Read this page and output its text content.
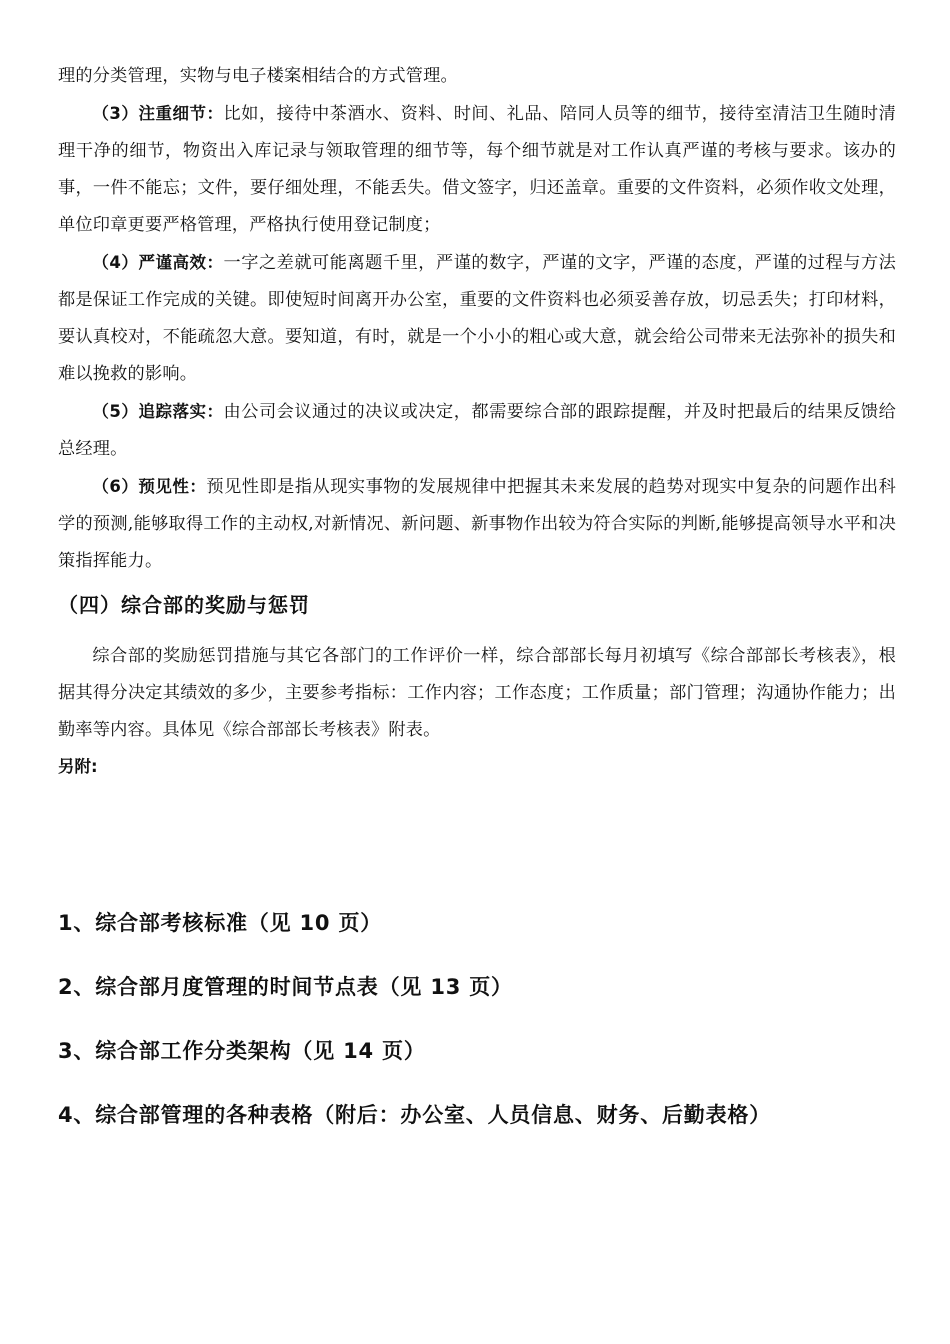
理的分类管理，实物与电子楼案相结合的方式管理。

（3）注重细节：比如，接待中茶酒水、资料、时间、礼品、陪同人员等的细节，接待室清洁卫生随时清理干净的细节，物资出入库记录与领取管理的细节等，每个细节就是对工作认真严谨的考核与要求。该办的事，一件不能忘；文件，要仔细处理，不能丢失。借文签字，归还盖章。重要的文件资料，必须作收文处理，单位印章更要严格管理，严格执行使用登记制度；

（4）严谨高效：一字之差就可能离题千里，严谨的数字，严谨的文字，严谨的态度，严谨的过程与方法都是保证工作完成的关键。即使短时间离开办公室，重要的文件资料也必须妥善存放，切忌丢失；打印材料，要认真校对，不能疏忽大意。要知道，有时，就是一个小小的粗心或大意，就会给公司带来无法弥补的损失和难以挽救的影响。

（5）追踪落实：由公司会议通过的决议或决定，都需要综合部的跟踪提醒，并及时把最后的结果反馈给总经理。

（6）预见性：预见性即是指从现实事物的发展规律中把握其未来发展的趋势对现实中复杂的问题作出科学的预测,能够取得工作的主动权,对新情况、新问题、新事物作出较为符合实际的判断,能够提高领导水平和决策指挥能力。

（四）综合部的奖励与惩罚

综合部的奖励惩罚措施与其它各部门的工作评价一样，综合部部长每月初填写《综合部部长考核表》，根据其得分决定其绩效的多少，主要参考指标：工作内容；工作态度；工作质量；部门管理；沟通协作能力；出勤率等内容。具体见《综合部部长考核表》附表。

另附:

1、综合部考核标准（见 10 页）

2、综合部月度管理的时间节点表（见 13 页）

3、综合部工作分类架构（见 14 页）

4、综合部管理的各种表格（附后：办公室、人员信息、财务、后勤表格）
